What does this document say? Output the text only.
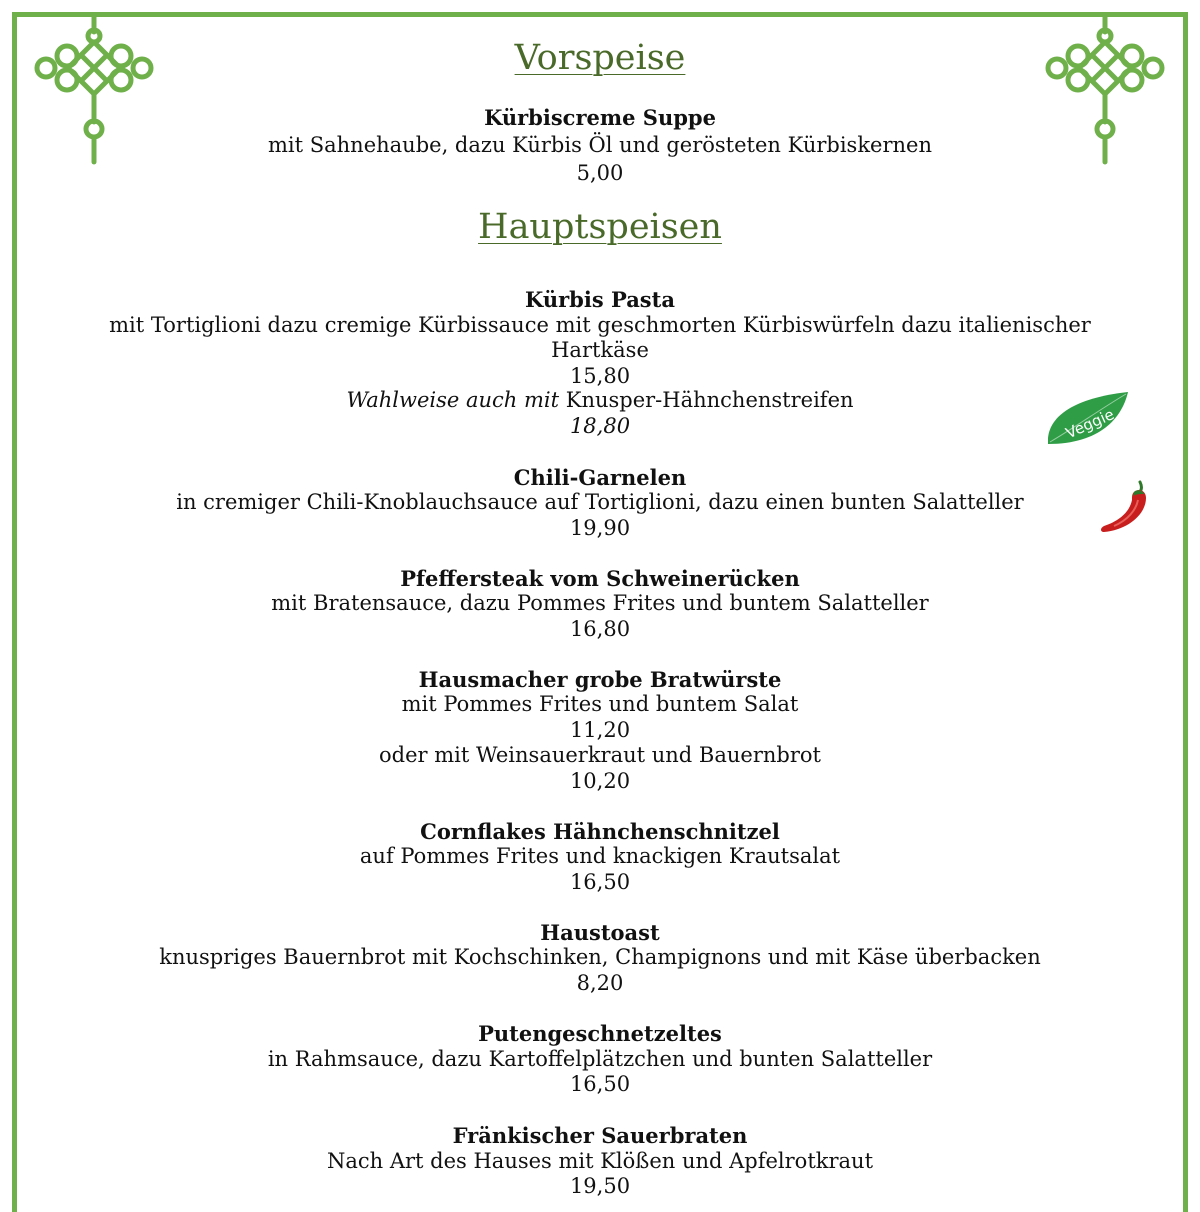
Vorspeise
Kürbiscreme Suppe
mit Sahnehaube, dazu Kürbis Öl und gerösteten Kürbiskernen
5,00
Hauptspeisen
Kürbis Pasta
mit Tortiglioni dazu cremige Kürbissauce mit geschmorten Kürbiswürfeln dazu italienischer
Hartkäse
15,80
Wahlweise auch mit Knusper-Hähnchenstreifen
18,80	Veggie
Chili-Garnelen
in cremiger Chili-Knoblauchsauce auf Tortiglioni, dazu einen bunten Salatteller
19,90
Pfeffersteak vom Schweinerücken
mit Bratensauce, dazu Pommes Frites und buntem Salatteller
16,80
Hausmacher grobe Bratwürste
mit Pommes Frites und buntem Salat
11,20
oder mit Weinsauerkraut und Bauernbrot
10,20
Cornflakes Hähnchenschnitzel
auf Pommes Frites und knackigen Krautsalat
16,50
Haustoast
knuspriges Bauernbrot mit Kochschinken, Champignons und mit Käse überbacken
8,20
Putengeschnetzeltes
in Rahmsauce, dazu Kartoffelplätzchen und bunten Salatteller
16,50
Fränkischer Sauerbraten
Nach Art des Hauses mit Klößen und Apfelrotkraut
19,50
